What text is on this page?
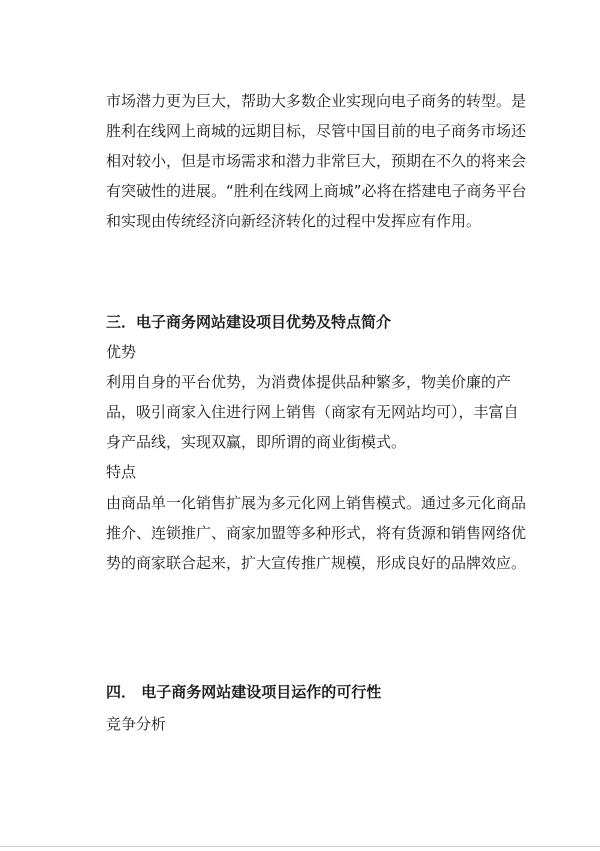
市场潜力更为巨大，帮助大多数企业实现向电子商务的转型。是
胜利在线网上商城的远期目标，尽管中国目前的电子商务市场还
相对较小，但是市场需求和潜力非常巨大，预期在不久的将来会
有突破性的进展。“胜利在线网上商城”必将在搭建电子商务平台
和实现由传统经济向新经济转化的过程中发挥应有作用。
三．电子商务网站建设项目优势及特点简介
优势
利用自身的平台优势，为消费体提供品种繁多，物美价廉的产
品，吸引商家入住进行网上销售（商家有无网站均可），丰富自
身产品线，实现双赢，即所谓的商业街模式。
特点
由商品单一化销售扩展为多元化网上销售模式。通过多元化商品
推介、连锁推广、商家加盟等多种形式，将有货源和销售网络优
势的商家联合起来，扩大宣传推广规模，形成良好的品牌效应。
四． 电子商务网站建设项目运作的可行性
竞争分析
